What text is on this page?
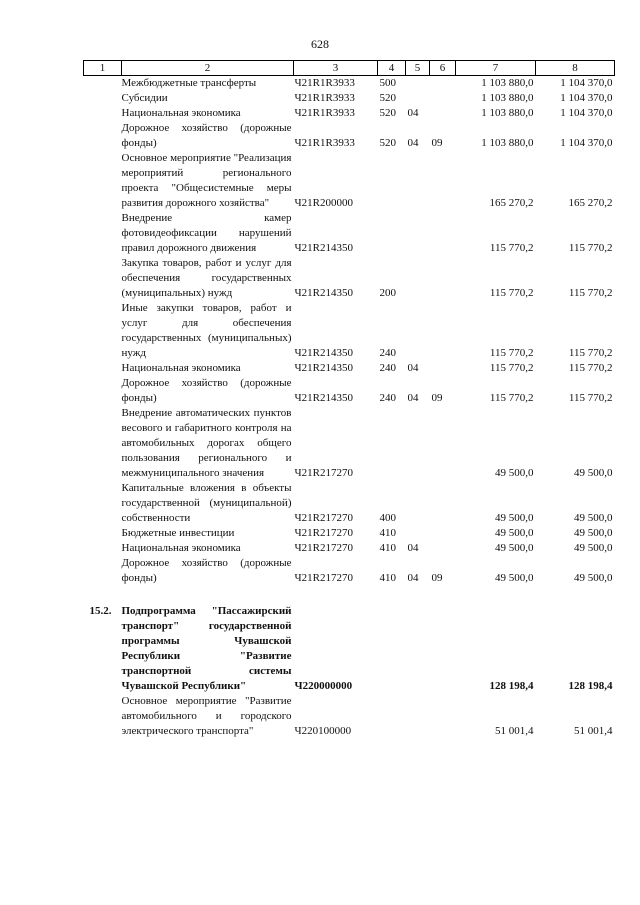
628
1	2	3	4	5	6	7	8
	Межбюджетные трансферты	Ч21R1R3933	500			1 103 880,0	1 104 370,0
	Субсидии	Ч21R1R3933	520			1 103 880,0	1 104 370,0
	Национальная экономика	Ч21R1R3933	520	04		1 103 880,0	1 104 370,0
	Дорожное хозяйство (дорожные фонды)	Ч21R1R3933	520	04	09	1 103 880,0	1 104 370,0
	Основное мероприятие "Реализация мероприятий регионального проекта "Общесистемные меры развития дорожного хозяйства"	Ч21R200000				165 270,2	165 270,2
	Внедрение камер фотовидеофиксации нарушений правил дорожного движения	Ч21R214350				115 770,2	115 770,2
	Закупка товаров, работ и услуг для обеспечения государственных (муниципальных) нужд	Ч21R214350	200			115 770,2	115 770,2
	Иные закупки товаров, работ и услуг для обеспечения государственных (муниципальных) нужд	Ч21R214350	240			115 770,2	115 770,2
	Национальная экономика	Ч21R214350	240	04		115 770,2	115 770,2
	Дорожное хозяйство (дорожные фонды)	Ч21R214350	240	04	09	115 770,2	115 770,2
	Внедрение автоматических пунктов весового и габаритного контроля на автомобильных дорогах общего пользования регионального и межмуниципального значения	Ч21R217270				49 500,0	49 500,0
	Капитальные вложения в объекты государственной (муниципальной) собственности	Ч21R217270	400			49 500,0	49 500,0
	Бюджетные инвестиции	Ч21R217270	410			49 500,0	49 500,0
	Национальная экономика	Ч21R217270	410	04		49 500,0	49 500,0
	Дорожное хозяйство (дорожные фонды)	Ч21R217270	410	04	09	49 500,0	49 500,0

15.2.	Подпрограмма "Пассажирский транспорт" государственной программы Чувашской Республики "Развитие транспортной системы Чувашской Республики"	Ч220000000				128 198,4	128 198,4
	Основное мероприятие "Развитие автомобильного и городского электрического транспорта"	Ч220100000				51 001,4	51 001,4
